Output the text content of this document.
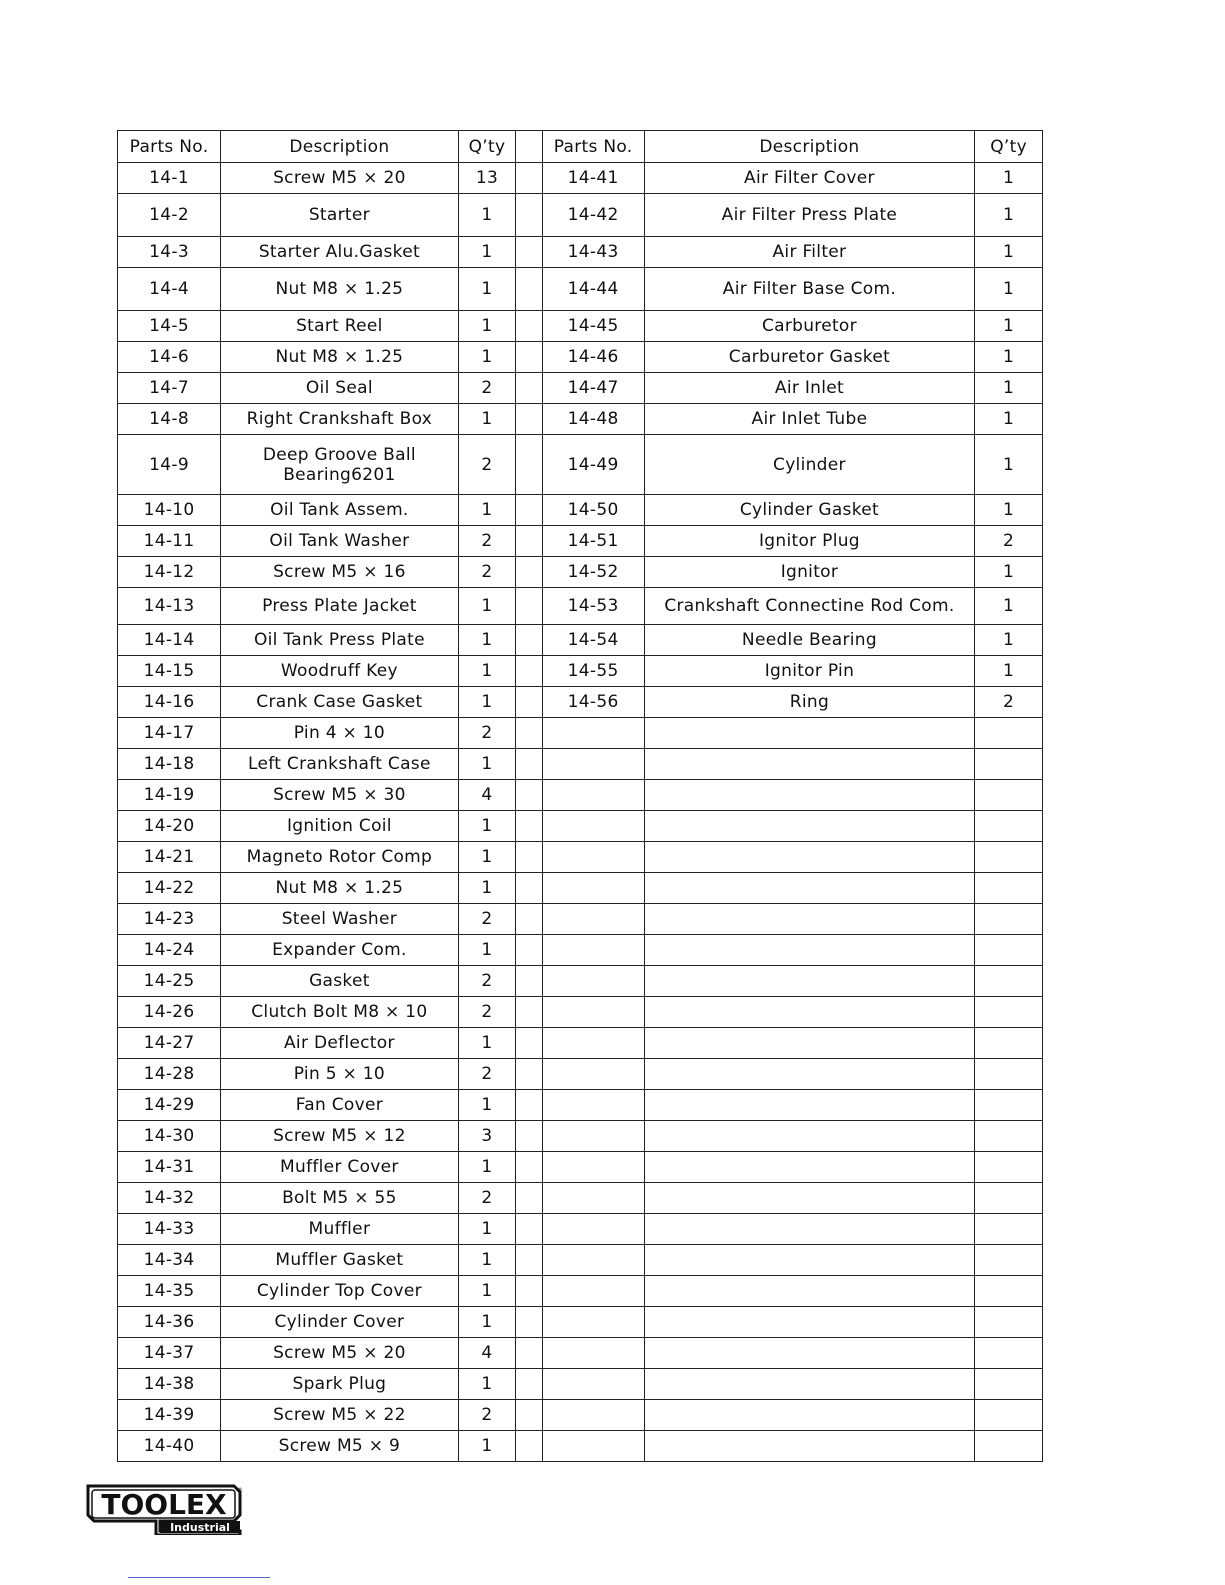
Parts No.	Description	Q’ty		Parts No.	Description	Q’ty
14-1	Screw M5 × 20	13		14-41	Air Filter Cover	1
14-2	Starter	1		14-42	Air Filter Press Plate	1
14-3	Starter Alu.Gasket	1		14-43	Air Filter	1
14-4	Nut M8 × 1.25	1		14-44	Air Filter Base Com.	1
14-5	Start Reel	1		14-45	Carburetor	1
14-6	Nut M8 × 1.25	1		14-46	Carburetor Gasket	1
14-7	Oil Seal	2		14-47	Air Inlet	1
14-8	Right Crankshaft Box	1		14-48	Air Inlet Tube	1
14-9	Deep Groove Ball Bearing6201	2		14-49	Cylinder	1
14-10	Oil Tank Assem.	1		14-50	Cylinder Gasket	1
14-11	Oil Tank Washer	2		14-51	Ignitor Plug	2
14-12	Screw M5 × 16	2		14-52	Ignitor	1
14-13	Press Plate Jacket	1		14-53	Crankshaft Connectine Rod Com.	1
14-14	Oil Tank Press Plate	1		14-54	Needle Bearing	1
14-15	Woodruff Key	1		14-55	Ignitor Pin	1
14-16	Crank Case Gasket	1		14-56	Ring	2
14-17	Pin 4 × 10	2				
14-18	Left Crankshaft Case	1				
14-19	Screw M5 × 30	4				
14-20	Ignition Coil	1				
14-21	Magneto Rotor Comp	1				
14-22	Nut M8 × 1.25	1				
14-23	Steel Washer	2				
14-24	Expander Com.	1				
14-25	Gasket	2				
14-26	Clutch Bolt M8 × 10	2				
14-27	Air Deflector	1				
14-28	Pin 5 × 10	2				
14-29	Fan Cover	1				
14-30	Screw M5 × 12	3				
14-31	Muffler Cover	1				
14-32	Bolt M5 × 55	2				
14-33	Muffler	1				
14-34	Muffler Gasket	1				
14-35	Cylinder Top Cover	1				
14-36	Cylinder Cover	1				
14-37	Screw M5 × 20	4				
14-38	Spark Plug	1				
14-39	Screw M5 × 22	2				
14-40	Screw M5 × 9	1				
TOOLEX ®
Industrial
